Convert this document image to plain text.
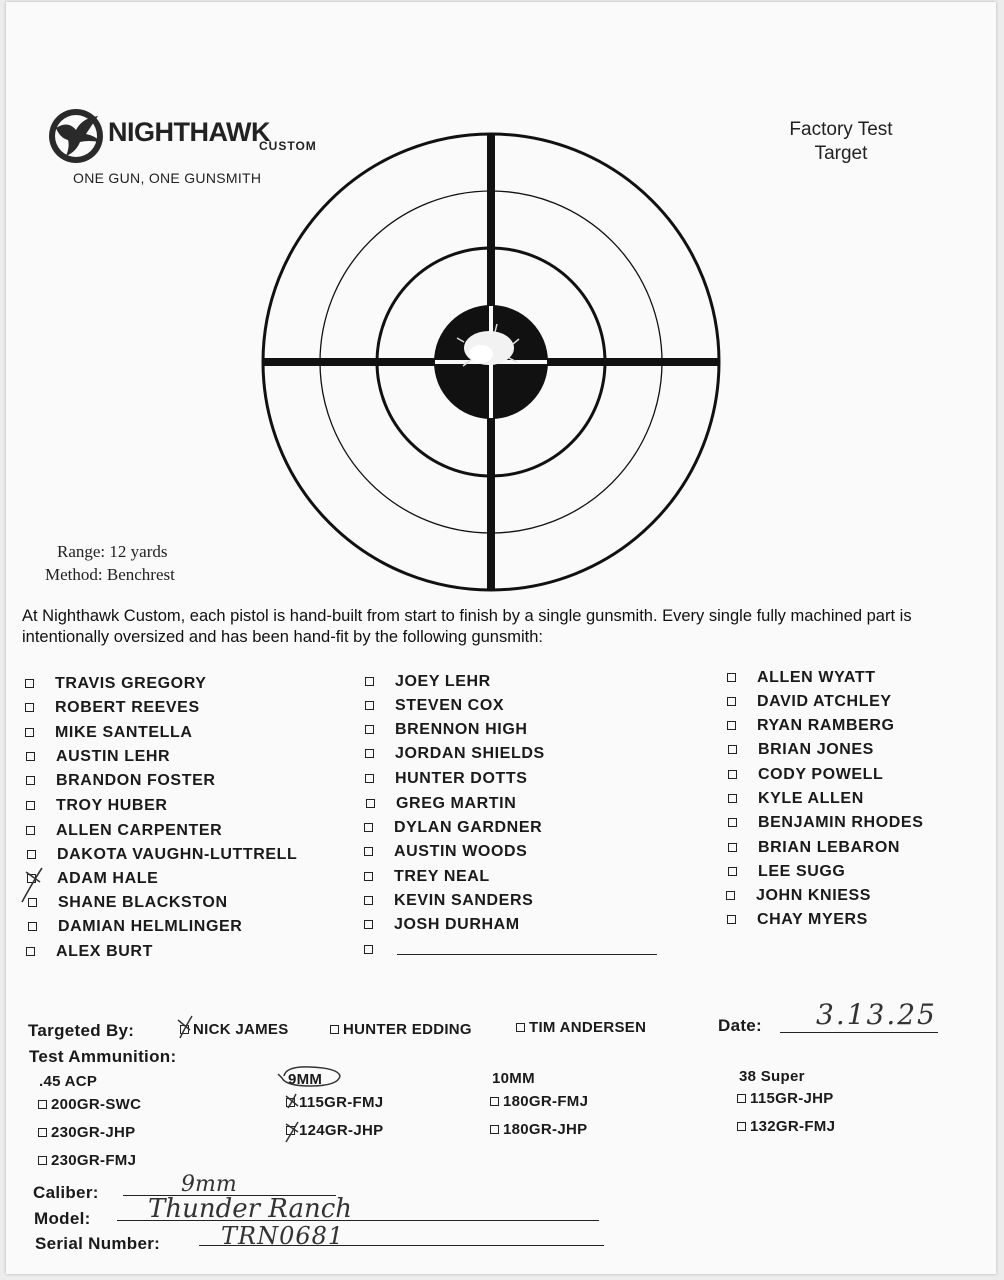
NIGHTHAWK
CUSTOM
ONE GUN, ONE GUNSMITH
Factory Test
Target
Range: 12 yards
Method: Benchrest
At Nighthawk Custom, each pistol is hand-built from start to finish by a single gunsmith. Every single fully machined part is intentionally oversized and has been hand-fit by the following gunsmith:
TRAVIS GREGORY
ROBERT REEVES
MIKE SANTELLA
AUSTIN LEHR
BRANDON FOSTER
TROY HUBER
ALLEN CARPENTER
DAKOTA VAUGHN-LUTTRELL
ADAM HALE
SHANE BLACKSTON
DAMIAN HELMLINGER
ALEX BURT
JOEY LEHR
STEVEN COX
BRENNON HIGH
JORDAN SHIELDS
HUNTER DOTTS
GREG MARTIN
DYLAN GARDNER
AUSTIN WOODS
TREY NEAL
KEVIN SANDERS
JOSH DURHAM
ALLEN WYATT
DAVID ATCHLEY
RYAN RAMBERG
BRIAN JONES
CODY POWELL
KYLE ALLEN
BENJAMIN RHODES
BRIAN LEBARON
LEE SUGG
JOHN KNIESS
CHAY MYERS
Targeted By:	NICK JAMES	HUNTER EDDING	TIM ANDERSEN	Date: 3.13.25
Test Ammunition:
.45 ACP
200GR-SWC
230GR-JHP
230GR-FMJ
9MM
115GR-FMJ
124GR-JHP
10MM
180GR-FMJ
180GR-JHP
38 Super
115GR-JHP
132GR-FMJ
Caliber:	9mm
Model: Thunder Ranch
Serial Number:	TRN0681
